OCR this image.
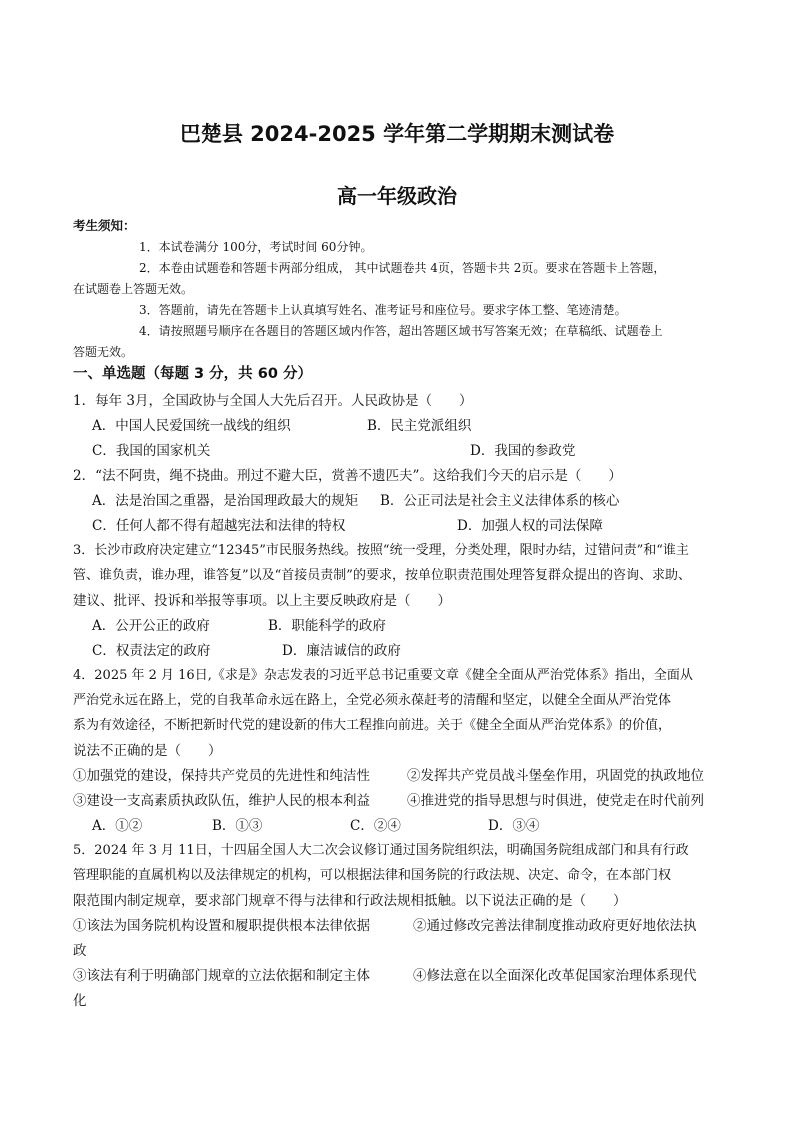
巴楚县 2024-2025 学年第二学期期末测试卷
高一年级政治
考生须知：
1．本试卷满分 100分，考试时间 60分钟。
2．本卷由试题卷和答题卡两部分组成， 其中试题卷共 4页，答题卡共 2页。要求在答题卡上答题，
在试题卷上答题无效。
3．答题前，请先在答题卡上认真填写姓名、准考证号和座位号。要求字体工整、笔迹清楚。
4．请按照题号顺序在各题目的答题区域内作答，超出答题区域书写答案无效；在草稿纸、试题卷上
答题无效。
一、单选题（每题 3 分，共 60 分）
1．每年 3月，全国政协与全国人大先后召开。人民政协是（　　）
A．中国人民爱国统一战线的组织	B．民主党派组织
C．我国的国家机关	D．我国的参政党
2．“法不阿贵，绳不挠曲。刑过不避大臣，赏善不遗匹夫”。这给我们今天的启示是（　　）
A．法是治国之重器，是治国理政最大的规矩 B．公正司法是社会主义法律体系的核心
C．任何人都不得有超越宪法和法律的特权	D．加强人权的司法保障
3．长沙市政府决定建立“12345”市民服务热线。按照“统一受理，分类处理，限时办结，过错问责”和“谁主
管、谁负责，谁办理，谁答复”以及“首接员责制”的要求，按单位职责范围处理答复群众提出的咨询、求助、
建议、批评、投诉和举报等事项。以上主要反映政府是（　　）
A．公开公正的政府	B．职能科学的政府
C．权责法定的政府	D．廉洁诚信的政府
4．2025 年 2 月 16日,《求是》杂志发表的习近平总书记重要文章《健全全面从严治党体系》指出，全面从
严治党永远在路上，党的自我革命永远在路上，全党必须永葆赶考的清醒和坚定，以健全全面从严治党体
系为有效途径，不断把新时代党的建设新的伟大工程推向前进。关于《健全全面从严治党体系》的价值，
说法不正确的是（　　）
①加强党的建设，保持共产党员的先进性和纯洁性	②发挥共产党员战斗堡垒作用，巩固党的执政地位
③建设一支高素质执政队伍，维护人民的根本利益	④推进党的指导思想与时俱进，使党走在时代前列
A．①②	B．①③	C．②④	D．③④
5．2024 年 3 月 11日，十四届全国人大二次会议修订通过国务院组织法，明确国务院组成部门和具有行政
管理职能的直属机构以及法律规定的机构，可以根据法律和国务院的行政法规、决定、命令，在本部门权
限范围内制定规章，要求部门规章不得与法律和行政法规相抵触。以下说法正确的是（　　）
①该法为国务院机构设置和履职提供根本法律依据	②通过修改完善法律制度推动政府更好地依法执
政
③该法有利于明确部门规章的立法依据和制定主体	④修法意在以全面深化改革促国家治理体系现代
化
